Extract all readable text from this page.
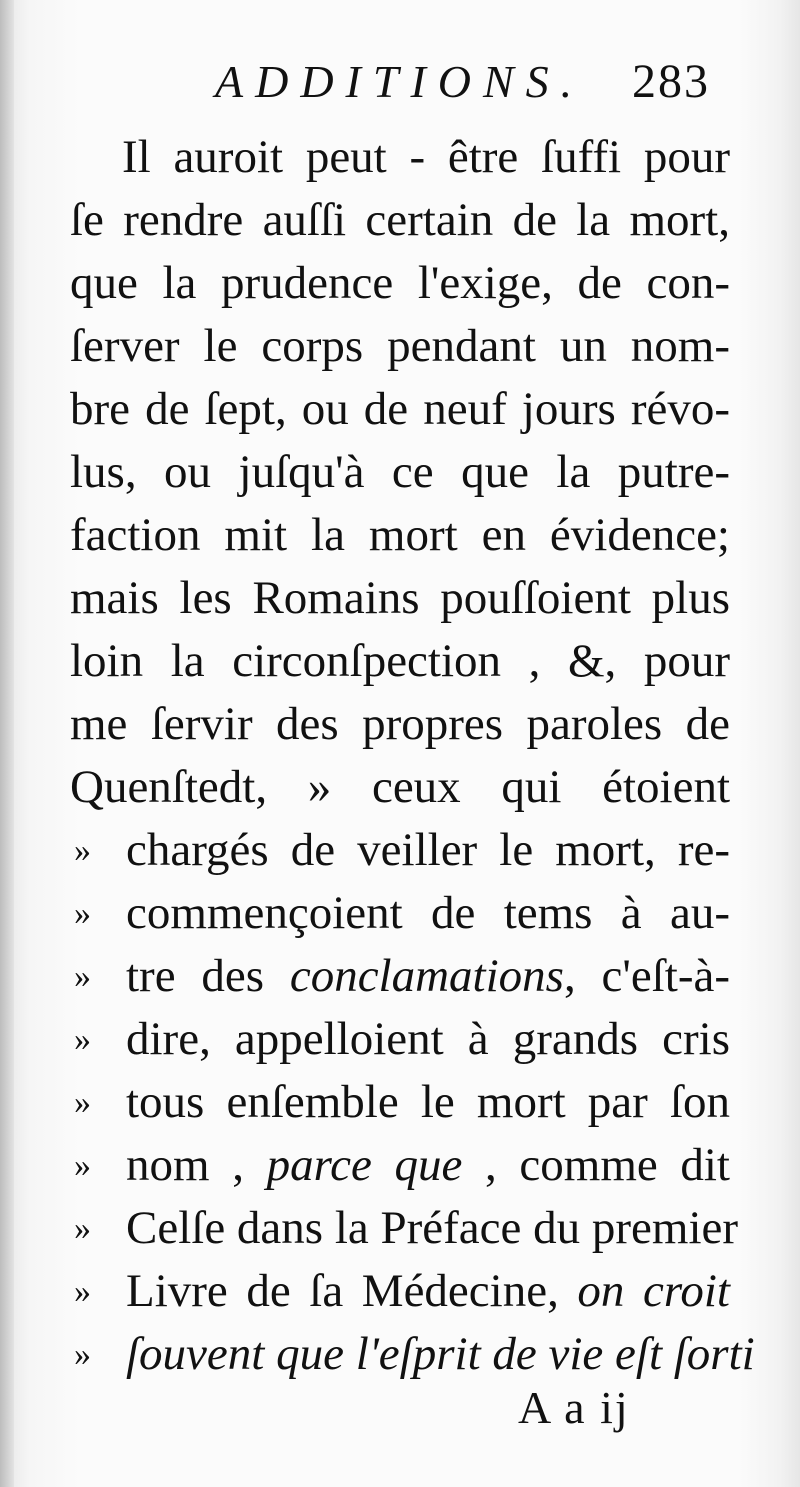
ADDITIONS. 283
Il auroit peut - être ſuffi pour
ſe rendre auſſi certain de la mort,
que la prudence l'exige, de con-
ſerver le corps pendant un nom-
bre de ſept, ou de neuf jours révo-
lus, ou juſqu'à ce que la putre-
faction mit la mort en évidence;
mais les Romains pouſſoient plus
loin la circonſpection , &, pour
me ſervir des propres paroles de
Quenſtedt, » ceux qui étoient
» chargés de veiller le mort, re-
» commençoient de tems à au-
» tre des conclamations, c'eſt-à-
» dire, appelloient à grands cris
» tous enſemble le mort par ſon
» nom , parce que , comme dit
» Celſe dans la Préface du premier
» Livre de ſa Médecine, on croit
» ſouvent que l'eſprit de vie eſt ſorti
A a ij
